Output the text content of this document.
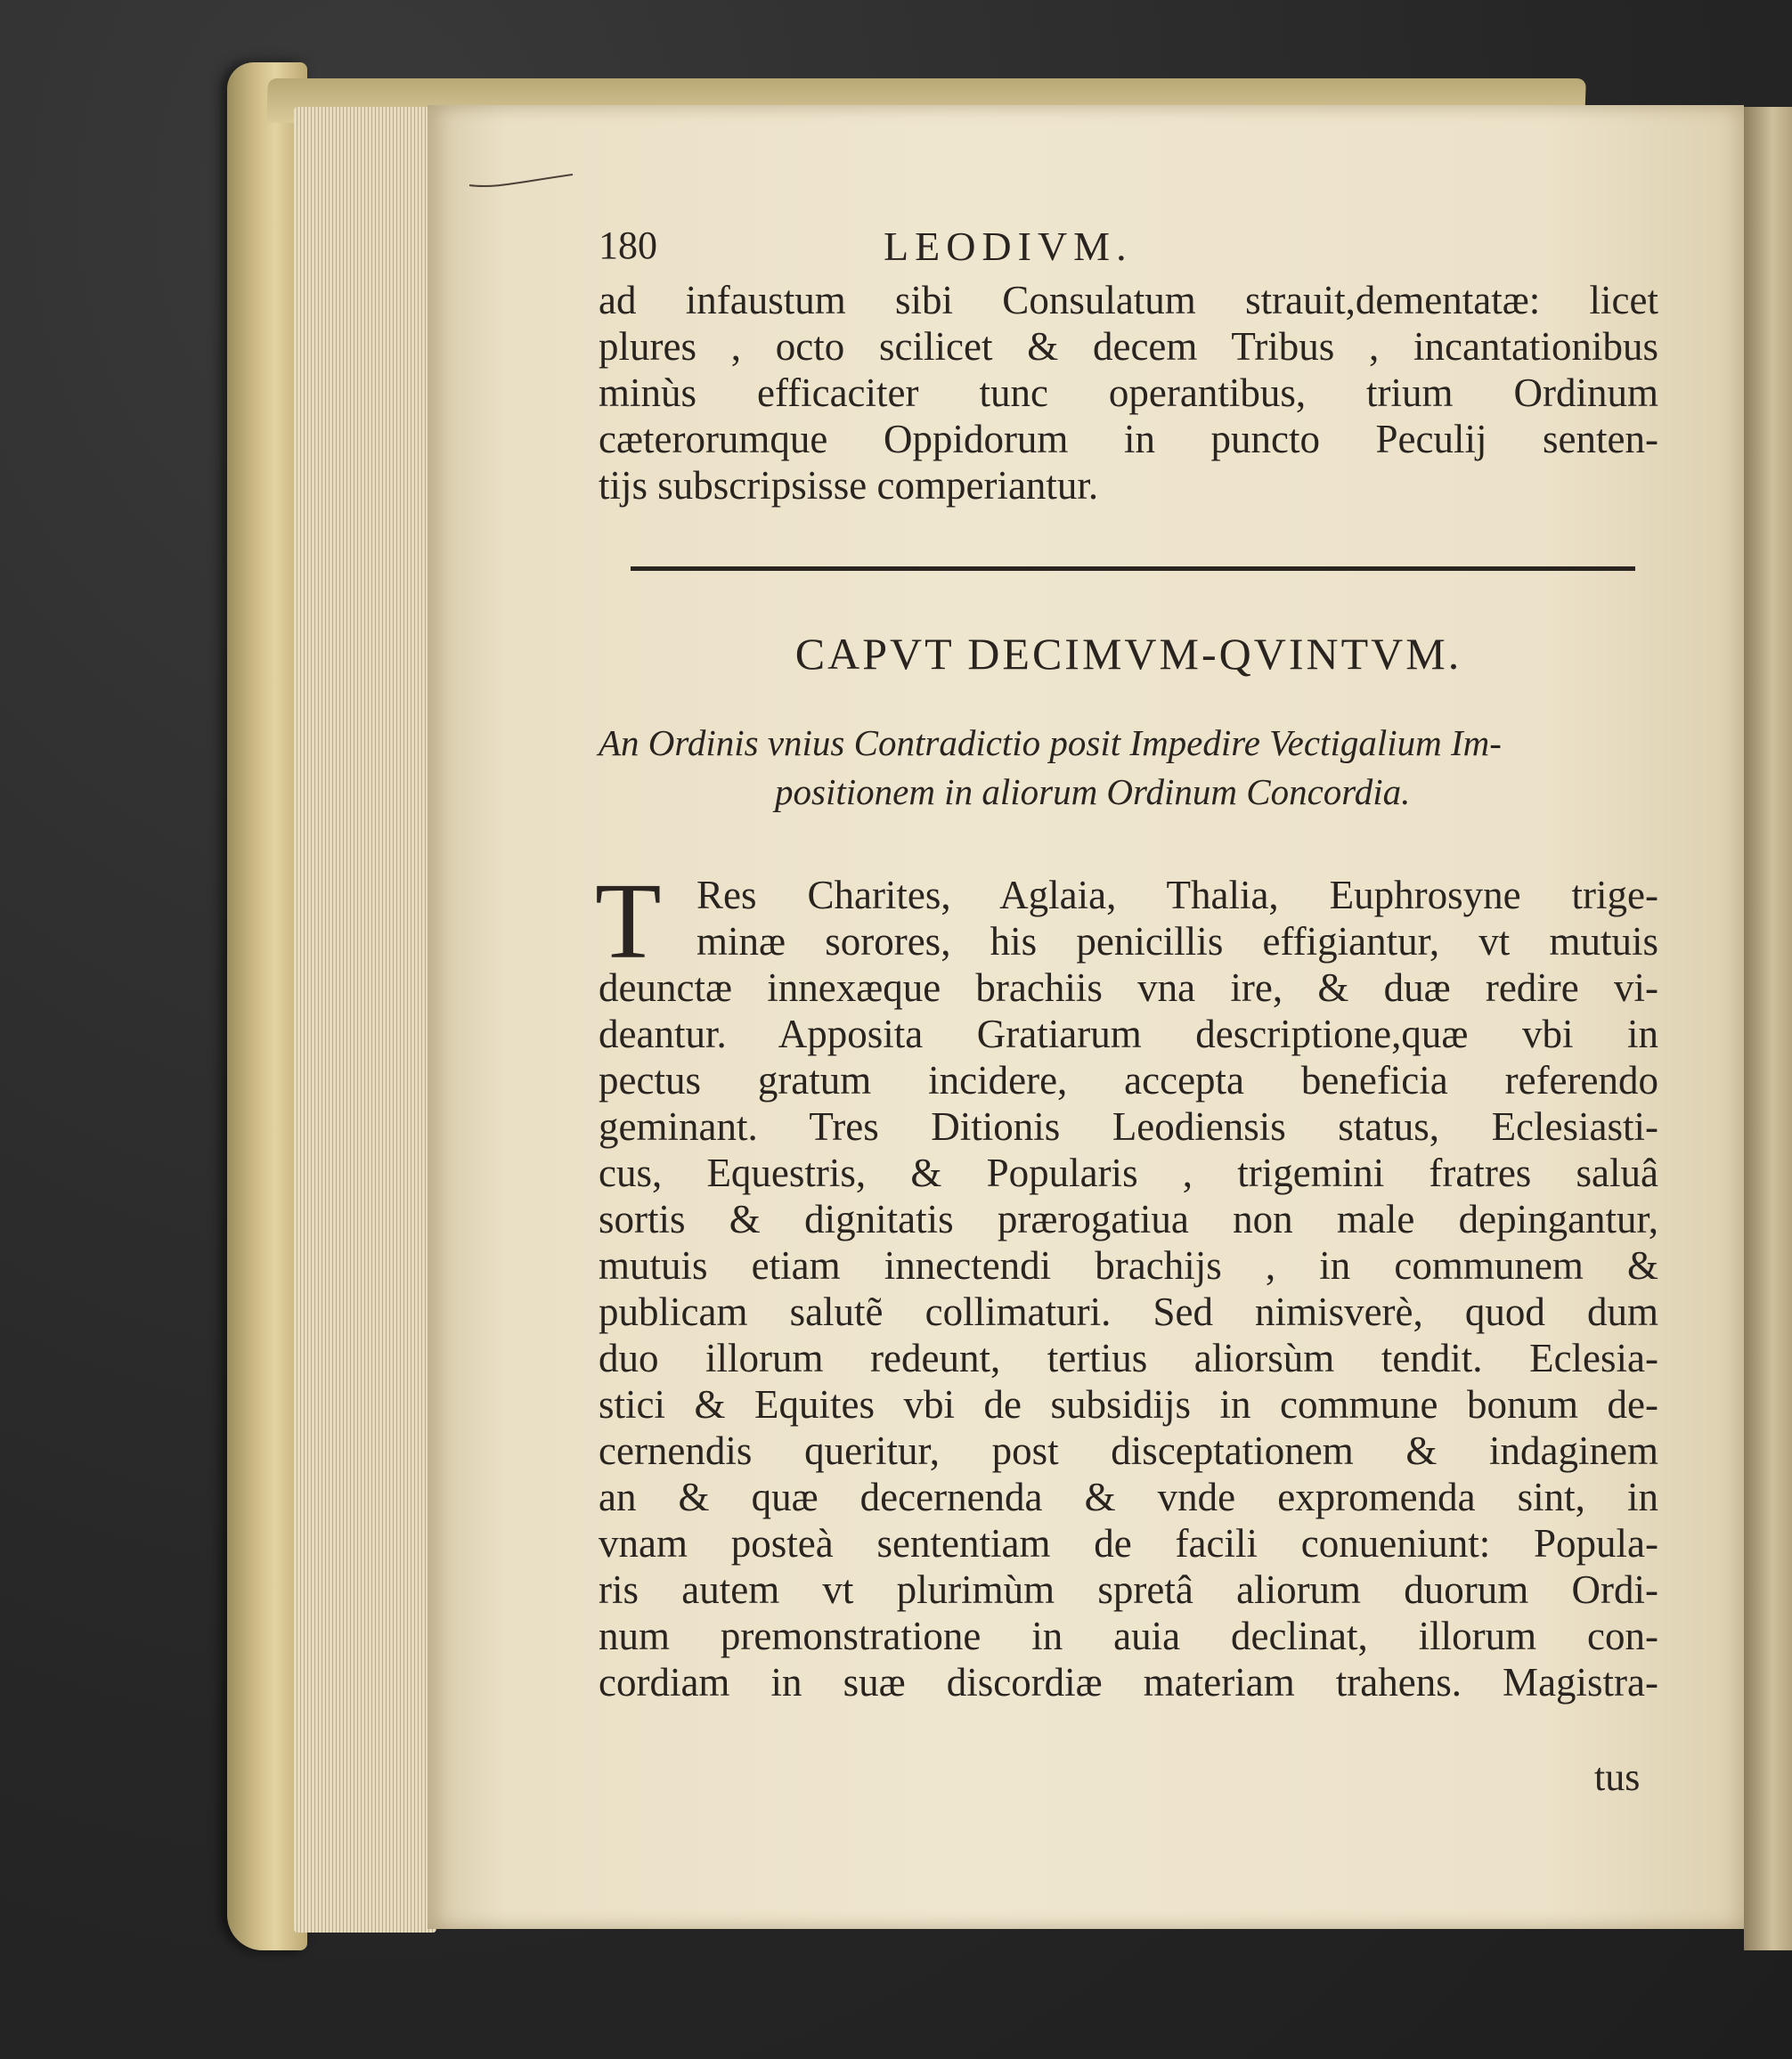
180	LEODIVM.
ad infaustum sibi Consulatum strauit,dementatæ: licet
plures , octo scilicet & decem Tribus , incantationibus
minùs efficaciter tunc operantibus, trium Ordinum
cæterorumque Oppidorum in puncto Peculij senten-
tijs subscripsisse comperiantur.
CAPVT DECIMVM-QVINTVM.
An Ordinis vnius Contradictio posit Impedire Vectigalium Im-
positionem in aliorum Ordinum Concordia.
T Res Charites, Aglaia, Thalia, Euphrosyne trige-
minæ sorores, his penicillis effigiantur, vt mutuis
deunctæ innexæque brachiis vna ire, & duæ redire vi-
deantur. Apposita Gratiarum descriptione,quæ vbi in
pectus gratum incidere, accepta beneficia referendo
geminant. Tres Ditionis Leodiensis status, Eclesiasti-
cus, Equestris, & Popularis , trigemini fratres saluâ
sortis & dignitatis prærogatiua non male depingantur,
mutuis etiam innectendi brachijs , in communem &
publicam salutẽ collimaturi. Sed nimisverè, quod dum
duo illorum redeunt, tertius aliorsùm tendit. Eclesia-
stici & Equites vbi de subsidijs in commune bonum de-
cernendis queritur, post disceptationem & indaginem
an & quæ decernenda & vnde expromenda sint, in
vnam posteà sententiam de facili conueniunt: Popula-
ris autem vt plurimùm spretâ aliorum duorum Ordi-
num premonstratione in auia declinat, illorum con-
cordiam in suæ discordiæ materiam trahens. Magistra-
tus
